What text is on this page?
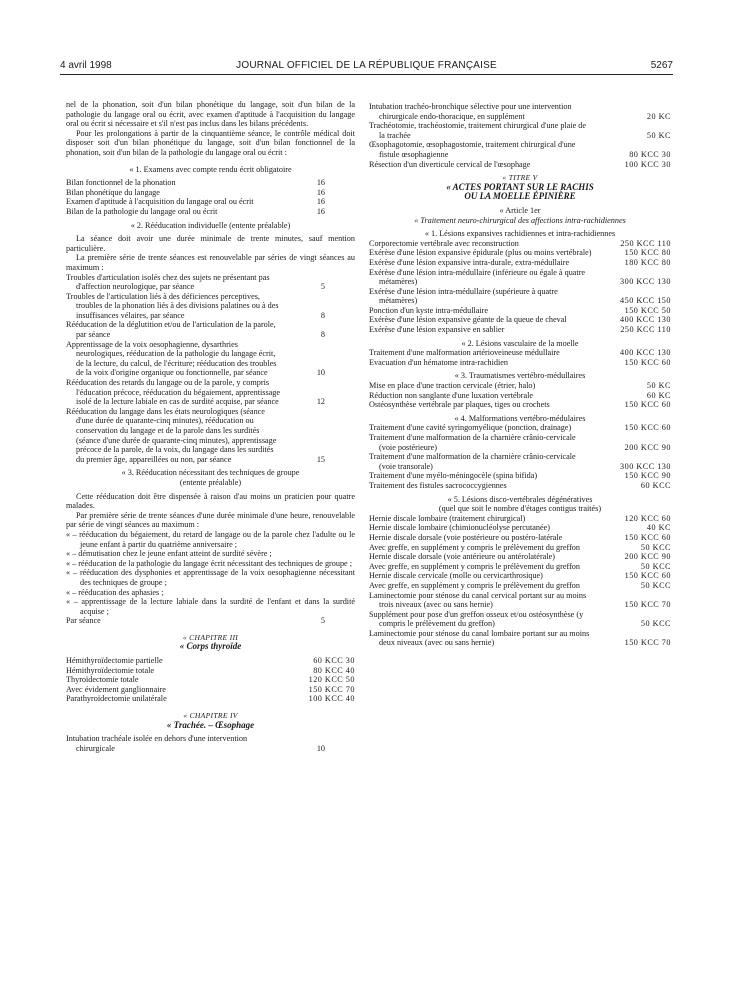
4 avril 1998	JOURNAL OFFICIEL DE LA RÉPUBLIQUE FRANÇAISE	5267

nel de la phonation, soit d'un bilan phonétique du langage, soit d'un bilan de la pathologie du langage oral ou écrit, avec examen d'aptitude à l'acquisition du langage oral ou écrit si nécessaire et s'il n'est pas inclus dans les bilans précédents.

Pour les prolongations à partir de la cinquantième séance, le contrôle médical doit disposer soit d'un bilan phonétique du langage, soit d'un bilan fonctionnel de la phonation, soit d'un bilan de la pathologie du langage oral ou écrit :

« 1. Examens avec compte rendu écrit obligatoire

Bilan fonctionnel de la phonation	16
Bilan phonétique du langage	16
Examen d'aptitude à l'acquisition du langage oral ou écrit	16
Bilan de la pathologie du langage oral ou écrit	16

« 2. Rééducation individuelle (entente préalable)

La séance doit avoir une durée minimale de trente minutes, sauf mention particulière.

La première série de trente séances est renouvelable par séries de vingt séances au maximum :

Troubles d'articulation isolés chez des sujets ne présentant pas d'affection neurologique, par séance	5
Troubles de l'articulation liés à des déficiences perceptives, troubles de la phonation liés à des divisions palatines ou à des insuffisances vélaires, par séance	8
Rééducation de la déglutition et/ou de l'articulation de la parole, par séance	8
Apprentissage de la voix oesophagienne, dysarthries neurologiques, rééducation de la pathologie du langage écrit, de la lecture, du calcul, de l'écriture; rééducation des troubles de la voix d'origine organique ou fonctionnelle, par séance	10
Rééducation des retards du langage ou de la parole, y compris l'éducation précoce, rééducation du bégaiement, apprentissage isolé de la lecture labiale en cas de surdité acquise, par séance	12
Rééducation du langage dans les états neurologiques (séance d'une durée de quarante-cinq minutes), rééducation ou conservation du langage et de la parole dans les surdités (séance d'une durée de quarante-cinq minutes), apprentissage précoce de la parole, de la voix, du langage dans les surdités du premier âge, appareillées ou non, par séance	15

« 3. Rééducation nécessitant des techniques de groupe

(entente préalable)

Cette rééducation doit être dispensée à raison d'au moins un praticien pour quatre malades.

Par première série de trente séances d'une durée minimale d'une heure, renouvelable par série de vingt séances au maximum :

« – rééducation du bégaiement, du retard de langage ou de la parole chez l'adulte ou le jeune enfant à partir du quatrième anniversaire ;

« – démutisation chez le jeune enfant atteint de surdité sévère ;

« – rééducation de la pathologie du langage écrit nécessitant des techniques de groupe ;

« – rééducation des dysphonies et apprentissage de la voix oesophagienne nécessitant des techniques de groupe ;

« – rééducation des aphasies ;

« – apprentissage de la lecture labiale dans la surdité de l'enfant et dans la surdité acquise ;

Par séance	5

« CHAPITRE III

« Corps thyroïde

Hémithyroïdectomie partielle	60 KCC 30
Hémithyroïdectomie totale	80 KCC 40
Thyroïdectomie totale	120 KCC 50
Avec évidement ganglionnaire	150 KCC 70
Parathyroïdectomie unilatérale	100 KCC 40

« CHAPITRE IV

« Trachée. – Œsophage

Intubation trachéale isolée en dehors d'une intervention chirurgicale	10
Intubation trachéo-bronchique sélective pour une intervention chirurgicale endo-thoracique, en supplément	20 KC
Trachéotomie, trachéostomie, traitement chirurgical d'une plaie de la trachée	50 KC
Œsophagotomie, œsophagostomie, traitement chirurgical d'une fistule œsophagienne	80 KCC 30
Résection d'un diverticule cervical de l'œsophage	100 KCC 30

« TITRE V

« ACTES PORTANT SUR LE RACHIS

OU LA MOELLE ÉPINIÈRE

« Article 1er

« Traitement neuro-chirurgical des affections intra-rachidiennes

« 1. Lésions expansives rachidiennes et intra-rachidiennes

Corporectomie vertébrale avec reconstruction	250 KCC 110
Exérèse d'une lésion expansive épidurale (plus ou moins vertébrale)	150 KCC 80
Exérèse d'une lésion expansive intra-durale, extra-médullaire	180 KCC 80
Exérèse d'une lésion intra-médullaire (inférieure ou égale à quatre métamères)	300 KCC 130
Exérèse d'une lésion intra-médullaire (supérieure à quatre métamères)	450 KCC 150
Ponction d'un kyste intra-médullaire	150 KCC 50
Exérèse d'une lésion expansive géante de la queue de cheval	400 KCC 130
Exérèse d'une lésion expansive en sablier	250 KCC 110

« 2. Lésions vasculaire de la moelle

Traitement d'une malformation artérioveineuse médullaire	400 KCC 130
Evacuation d'un hématome intra-rachidien	150 KCC 60

« 3. Traumatismes vertébro-médullaires

Mise en place d'une traction cervicale (étrier, halo)	50 KC
Réduction non sanglante d'une luxation vertébrale	60 KC
Ostéosynthèse vertébrale par plaques, tiges ou crochets	150 KCC 60

« 4. Malformations vertébro-médulaires

Traitement d'une cavité syringomyélique (ponction, drainage)	150 KCC 60
Traitement d'une malformation de la charnière crânio-cervicale (voie postérieure)	200 KCC 90
Traitement d'une malformation de la charnière crânio-cervicale (voie transorale)	300 KCC 130
Traitement d'une myélo-méningocèle (spina bifida)	150 KCC 90
Traitement des fistules sacrococcygiennes	60 KCC

« 5. Lésions disco-vertébrales dégénératives

(quel que soit le nombre d'étages contigus traités)

Hernie discale lombaire (traitement chirurgical)	120 KCC 60
Hernie discale lombaire (chimionucléolyse percutanée)	40 KC
Hernie discale dorsale (voie postérieure ou postéro-latérale	150 KCC 60
Avec greffe, en supplément y compris le prélèvement du greffon	50 KCC
Hernie discale dorsale (voie antérieure ou antérolatérale)	200 KCC 90
Avec greffe, en supplément y compris le prélèvement du greffon	50 KCC
Hernie discale cervicale (molle ou cervicarthrosique)	150 KCC 60
Avec greffe, en supplément y compris le prélèvement du greffon	50 KCC
Laminectomie pour sténose du canal cervical portant sur au moins trois niveaux (avec ou sans hernie)	150 KCC 70
Supplément pour pose d'un greffon osseux et/ou ostéosynthèse (y compris le prélèvement du greffon)	50 KCC
Laminectomie pour sténose du canal lombaire portant sur au moins deux niveaux (avec ou sans hernie)	150 KCC 70
